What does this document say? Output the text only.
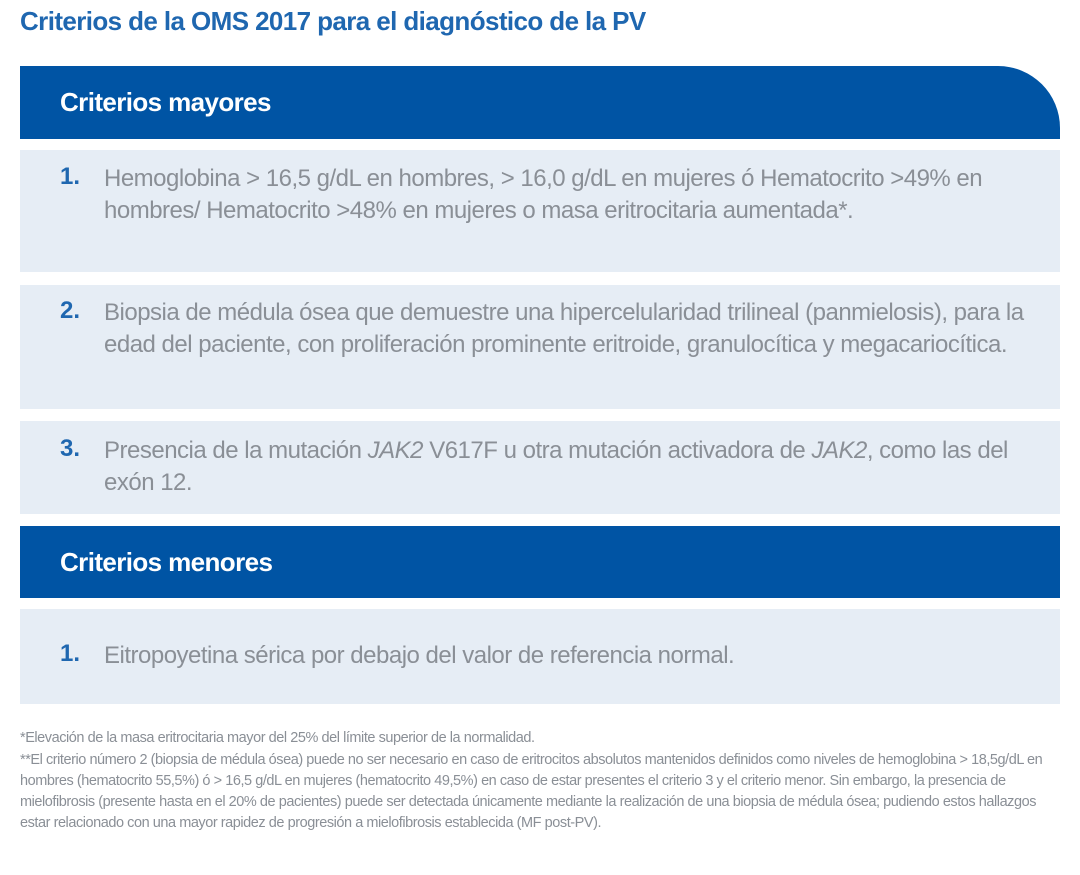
Criterios de la OMS 2017 para el diagnóstico de la PV
Criterios mayores
1. Hemoglobina > 16,5 g/dL en hombres, > 16,0 g/dL en mujeres ó Hematocrito >49% en hombres/ Hematocrito >48% en mujeres o masa eritrocitaria aumentada*.
2. Biopsia de médula ósea que demuestre una hipercelularidad trilineal (panmielosis), para la edad del paciente, con proliferación prominente eritroide, granulocítica y megacariocítica.
3. Presencia de la mutación JAK2 V617F u otra mutación activadora de JAK2, como las del exón 12.
Criterios menores
1. Eitropoyetina sérica por debajo del valor de referencia normal.
*Elevación de la masa eritrocitaria mayor del 25% del límite superior de la normalidad.
**El criterio número 2 (biopsia de médula ósea) puede no ser necesario en caso de eritrocitos absolutos mantenidos definidos como niveles de hemoglobina > 18,5g/dL en hombres (hematocrito 55,5%) ó > 16,5 g/dL en mujeres (hematocrito 49,5%) en caso de estar presentes el criterio 3 y el criterio menor. Sin embargo, la presencia de mielofibrosis (presente hasta en el 20% de pacientes) puede ser detectada únicamente mediante la realización de una biopsia de médula ósea; pudiendo estos hallazgos estar relacionado con una mayor rapidez de progresión a mielofibrosis establecida (MF post-PV).
